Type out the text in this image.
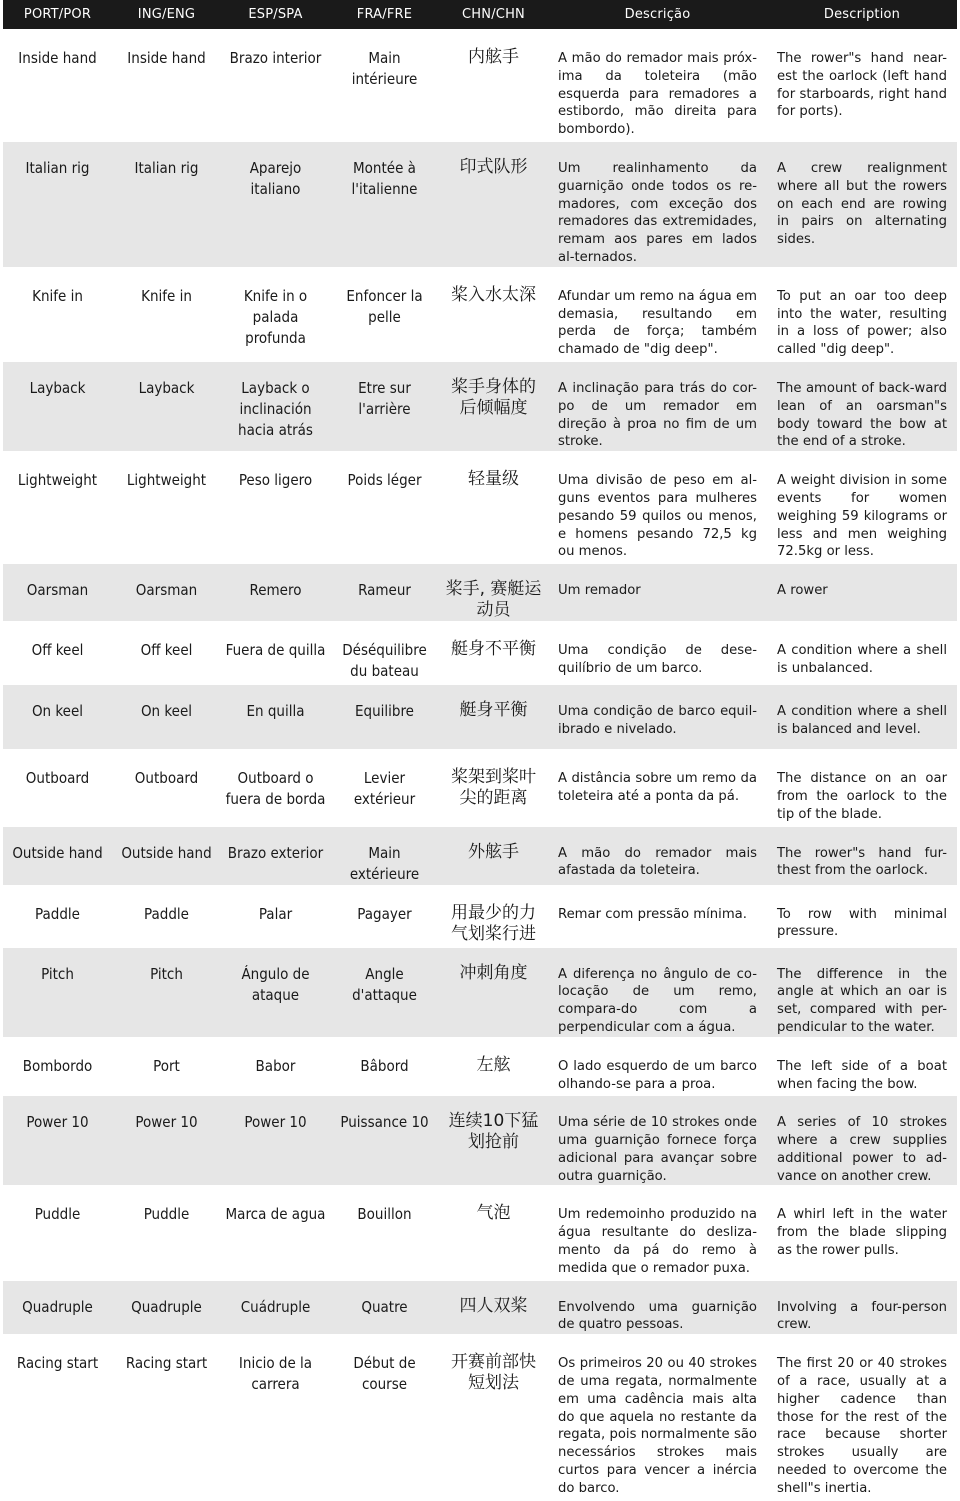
PORT/POR	ING/ENG	ESP/SPA	FRA/FRE	CHN/CHN	Descrição	Description
Inside hand	Inside hand	Brazo interior	Main intérieure	内舷手	A mão do remador mais próx-ima da toleteira (mão esquerda para remadores a estibordo, mão direita para bombordo).	The rower"s hand near-est the oarlock (left hand for starboards, right hand for ports).
Italian rig	Italian rig	Aparejo italiano	Montée à l'italienne	印式队形	Um realinhamento da guarnição onde todos os re-madores, com exceção dos remadores das extremidades, remam aos pares em lados al-ternados.	A crew realignment where all but the rowers on each end are rowing in pairs on alternating sides.
Knife in	Knife in	Knife in o palada profunda	Enfoncer la pelle	桨入水太深	Afundar um remo na água em demasia, resultando em perda de força; também chamado de "dig deep".	To put an oar too deep into the water, resulting in a loss of power; also called "dig deep".
Layback	Layback	Layback o inclinación hacia atrás	Etre sur l'arrière	桨手身体的后倾幅度	A inclinação para trás do cor-po de um remador em direção à proa no fim de um stroke.	The amount of back-ward lean of an oarsman"s body toward the bow at the end of a stroke.
Lightweight	Lightweight	Peso ligero	Poids léger	轻量级	Uma divisão de peso em al-guns eventos para mulheres pesando 59 quilos ou menos, e homens pesando 72,5 kg ou menos.	A weight division in some events for women weighing 59 kilograms or less and men weighing 72.5kg or less.
Oarsman	Oarsman	Remero	Rameur	桨手, 赛艇运动员	Um remador	A rower
Off keel	Off keel	Fuera de quilla	Déséquilibre du bateau	艇身不平衡	Uma condição de dese-quilíbrio de um barco.	A condition where a shell is unbalanced.
On keel	On keel	En quilla	Equilibre	艇身平衡	Uma condição de barco equil-ibrado e nivelado.	A condition where a shell is balanced and level.
Outboard	Outboard	Outboard o fuera de borda	Levier extérieur	桨架到桨叶尖的距离	A distância sobre um remo da toleteira até a ponta da pá.	The distance on an oar from the oarlock to the tip of the blade.
Outside hand	Outside hand	Brazo exterior	Main extérieure	外舷手	A mão do remador mais afastada da toleteira.	The rower"s hand fur-thest from the oarlock.
Paddle	Paddle	Palar	Pagayer	用最少的力气划桨行进	Remar com pressão mínima.	To row with minimal pressure.
Pitch	Pitch	Ángulo de ataque	Angle d'attaque	冲刺角度	A diferença no ângulo de co-locação de um remo, compara-do com a perpendicular com a água.	The difference in the angle at which an oar is set, compared with per-pendicular to the water.
Bombordo	Port	Babor	Bâbord	左舷	O lado esquerdo de um barco olhando-se para a proa.	The left side of a boat when facing the bow.
Power 10	Power 10	Power 10	Puissance 10	连续10下猛划抢前	Uma série de 10 strokes onde uma guarnição fornece força adicional para avançar sobre outra guarnição.	A series of 10 strokes where a crew supplies additional power to ad-vance on another crew.
Puddle	Puddle	Marca de agua	Bouillon	气泡	Um redemoinho produzido na água resultante do desliza-mento da pá do remo à medida que o remador puxa.	A whirl left in the water from the blade slipping as the rower pulls.
Quadruple	Quadruple	Cuádruple	Quatre	四人双桨	Envolvendo uma guarnição de quatro pessoas.	Involving a four-person crew.
Racing start	Racing start	Inicio de la carrera	Début de course	开赛前部快短划法	Os primeiros 20 ou 40 strokes de uma regata, normalmente em uma cadência mais alta do que aquela no restante da regata, pois normalmente são necessários strokes mais curtos para vencer a inércia do barco.	The first 20 or 40 strokes of a race, usually at a higher cadence than those for the rest of the race because shorter strokes usually are needed to overcome the shell"s inertia.
